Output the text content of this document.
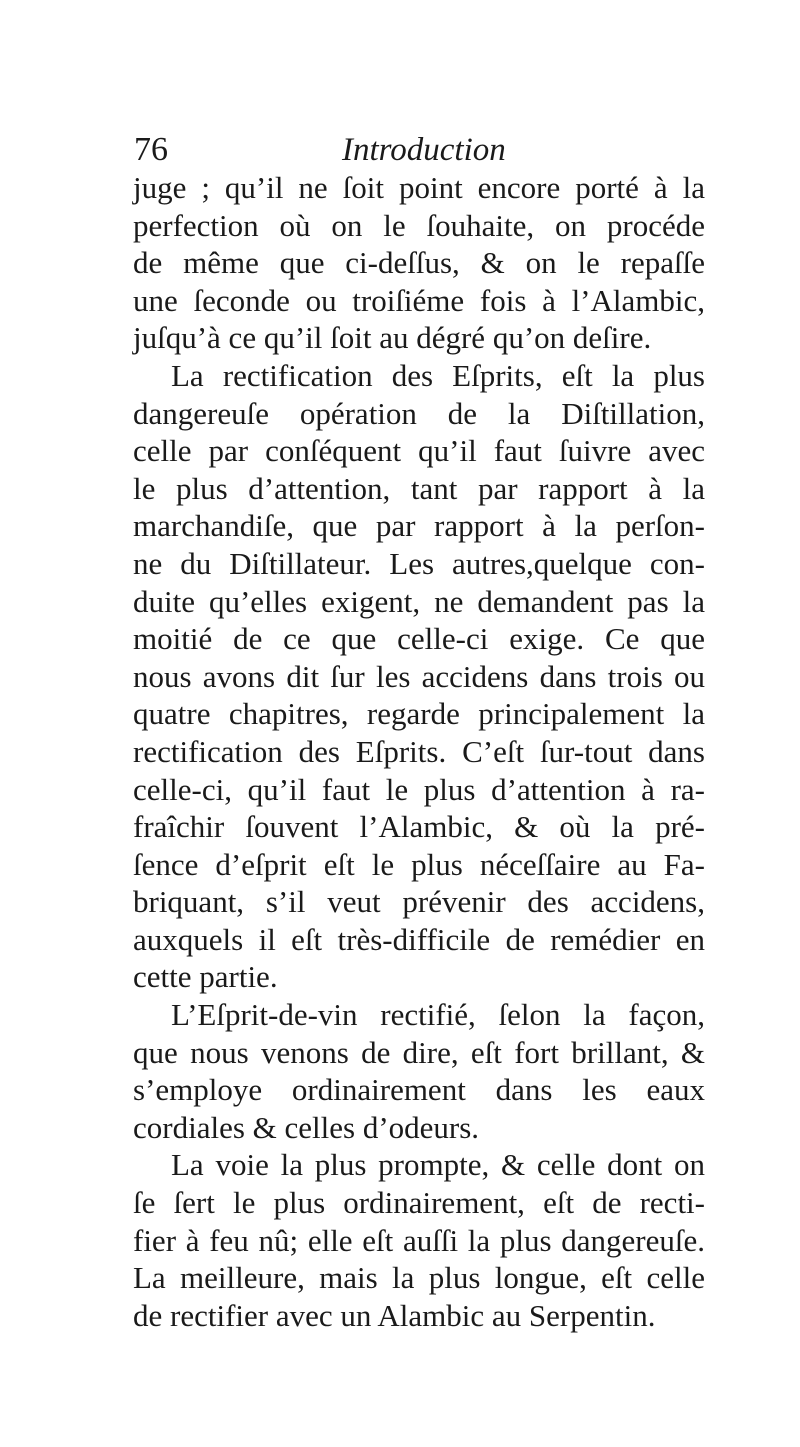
76	Introduction
juge ; qu’il ne ſoit point encore porté à la
perfection où on le ſouhaite, on procéde
de même que ci-deſſus, & on le repaſſe
une ſeconde ou troiſiéme fois à l’Alambic,
juſqu’à ce qu’il ſoit au dégré qu’on deſire.
La rectification des Eſprits, eſt la plus
dangereuſe opération de la Diſtillation,
celle par conſéquent qu’il faut ſuivre avec
le plus d’attention, tant par rapport à la
marchandiſe, que par rapport à la perſon-
ne du Diſtillateur. Les autres,quelque con-
duite qu’elles exigent, ne demandent pas la
moitié de ce que celle-ci exige. Ce que
nous avons dit ſur les accidens dans trois ou
quatre chapitres, regarde principalement la
rectification des Eſprits. C’eſt ſur-tout dans
celle-ci, qu’il faut le plus d’attention à ra-
fraîchir ſouvent l’Alambic, & où la pré-
ſence d’eſprit eſt le plus néceſſaire au Fa-
briquant, s’il veut prévenir des accidens,
auxquels il eſt très-difficile de remédier en
cette partie.
L’Eſprit-de-vin rectifié, ſelon la façon,
que nous venons de dire, eſt fort brillant, &
s’employe ordinairement dans les eaux
cordiales & celles d’odeurs.
La voie la plus prompte, & celle dont on
ſe ſert le plus ordinairement, eſt de recti-
fier à feu nû; elle eſt auſſi la plus dangereuſe.
La meilleure, mais la plus longue, eſt celle
de rectifier avec un Alambic au Serpentin.
